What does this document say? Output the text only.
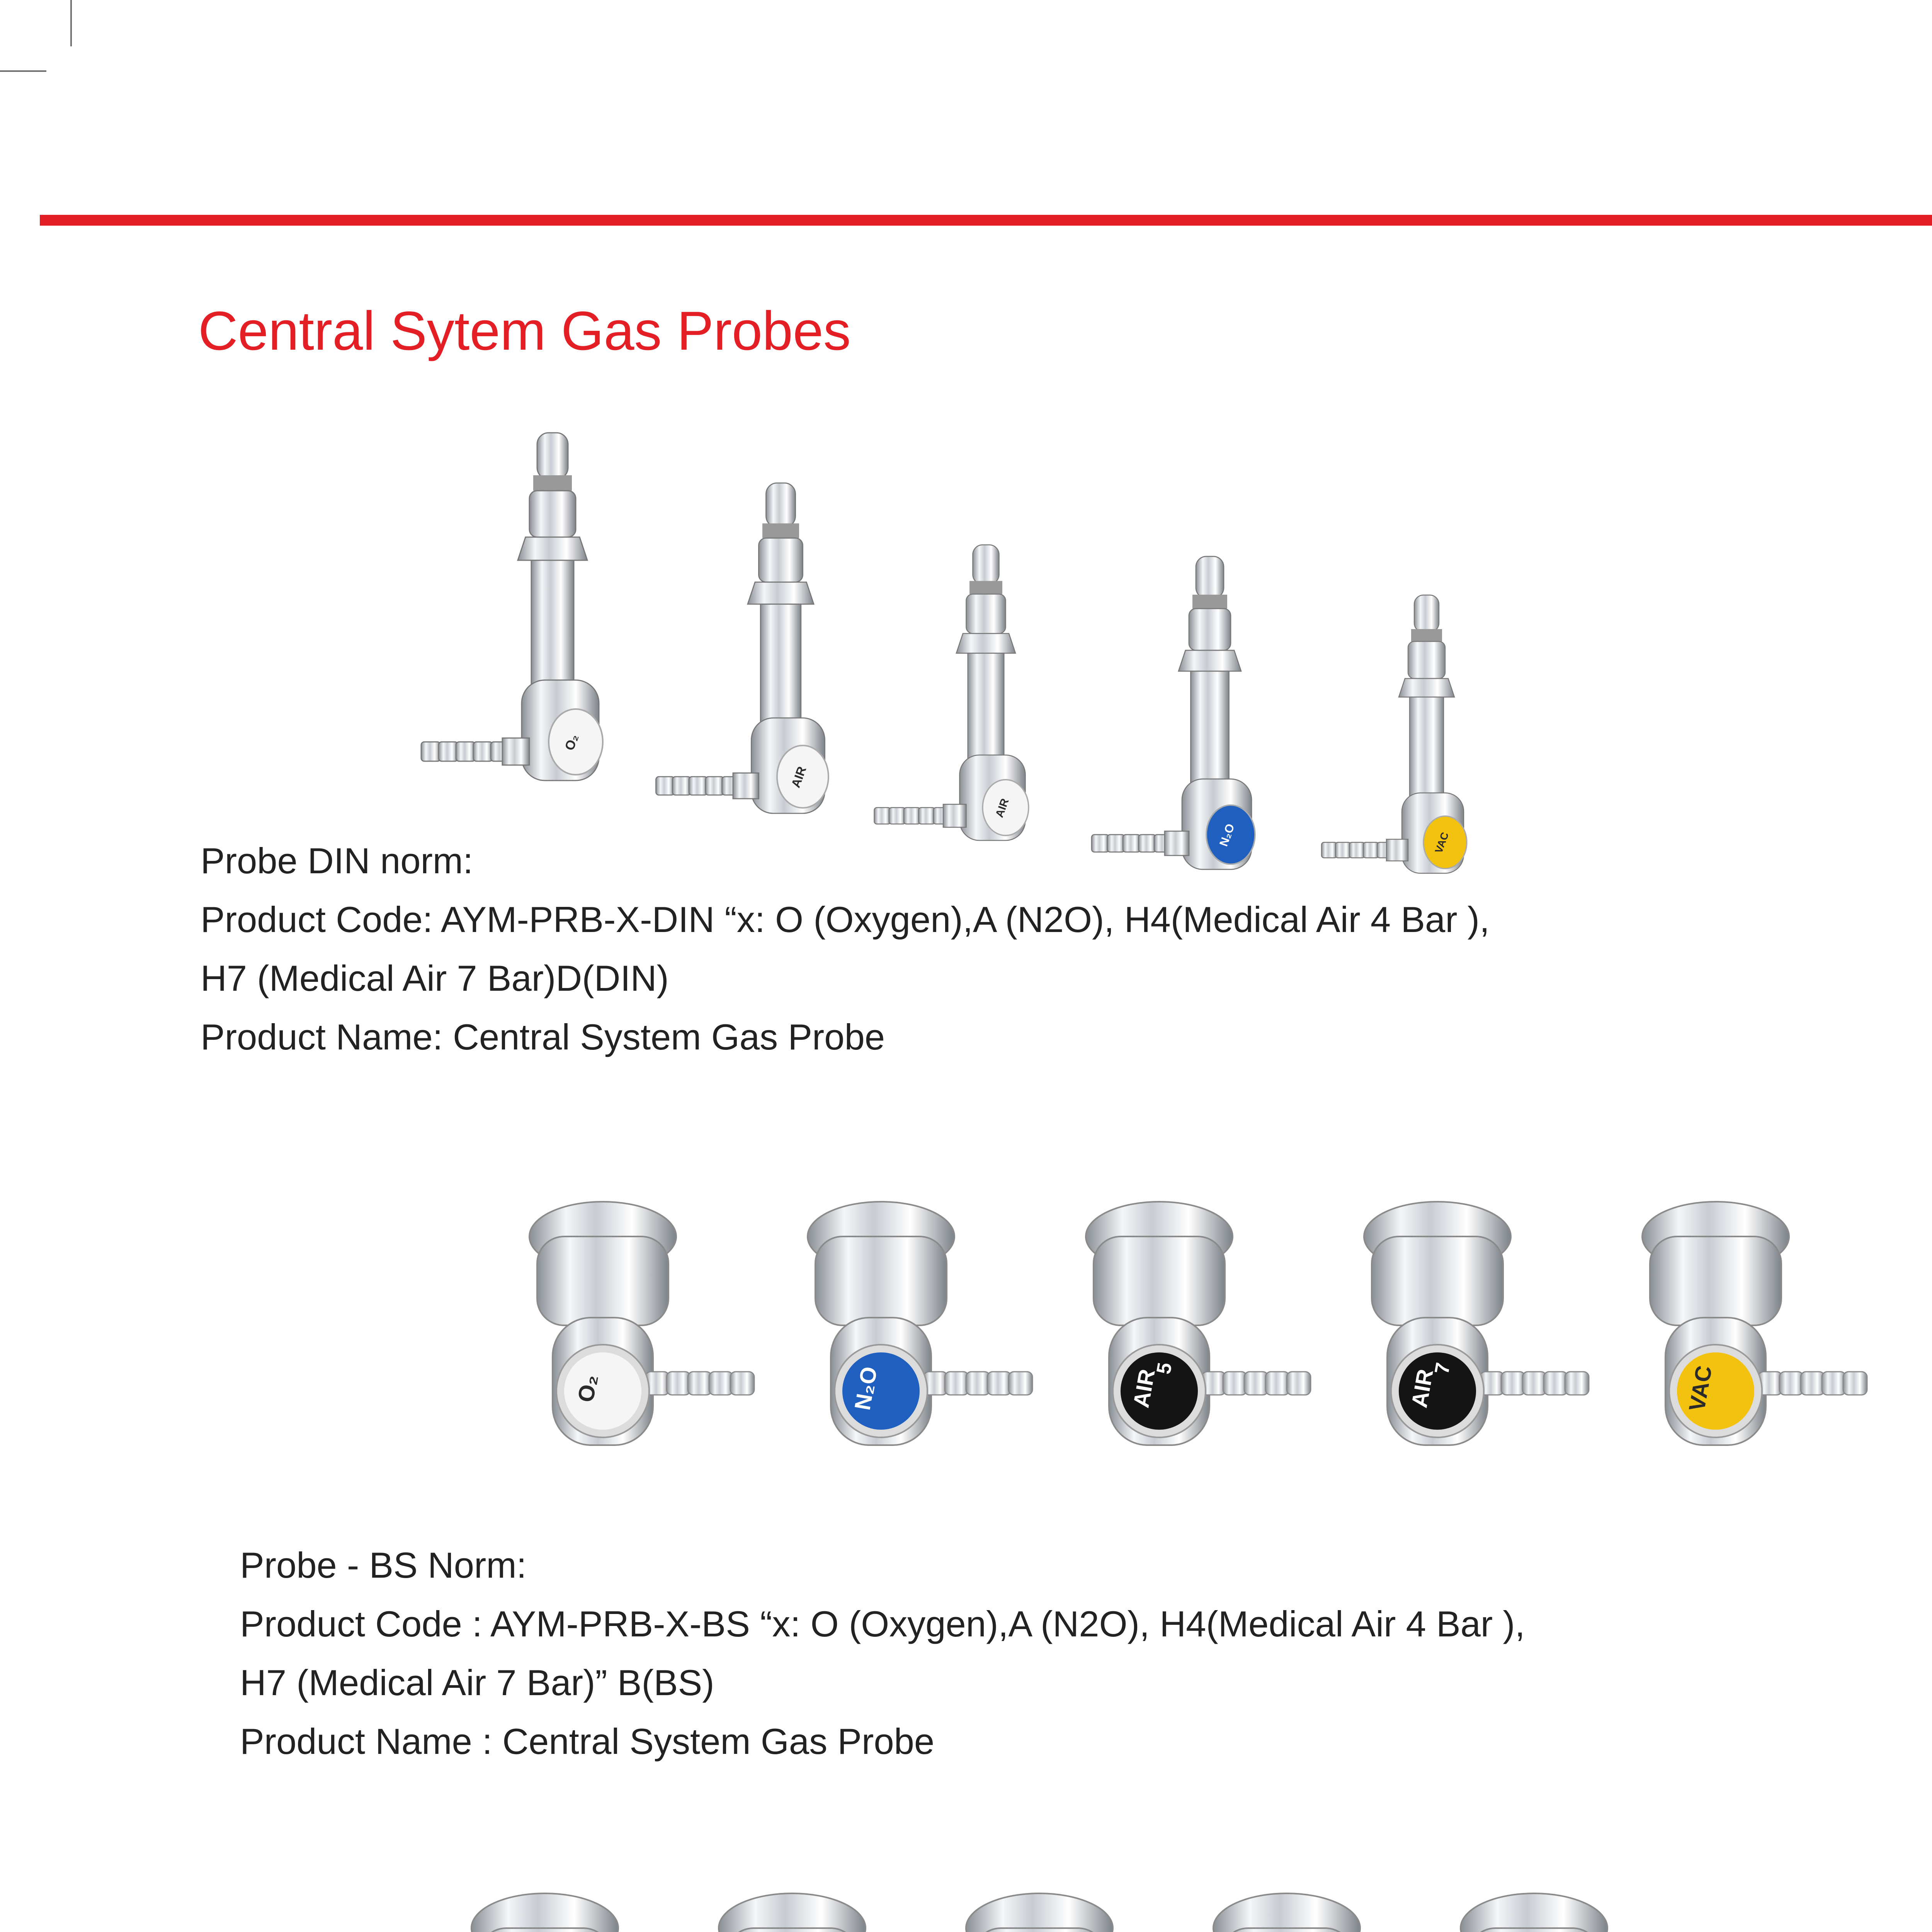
Central Sytem Gas Probes
O₂
AIR
AIR
N₂O	VAC
Probe DIN norm:
Product Code: AYM-PRB-X-DIN “x: O (Oxygen),A (N2O), H4(Medical Air 4 Bar ),
H7 (Medical Air 7 Bar)D(DIN)
Product Name: Central System Gas Probe
O₂	N₂O	AIR
5	AIR
7	VAC
Probe - BS Norm:
Product Code : AYM-PRB-X-BS “x: O (Oxygen),A (N2O), H4(Medical Air 4 Bar ),
H7 (Medical Air 7 Bar)” B(BS)
Product Name : Central System Gas Probe
